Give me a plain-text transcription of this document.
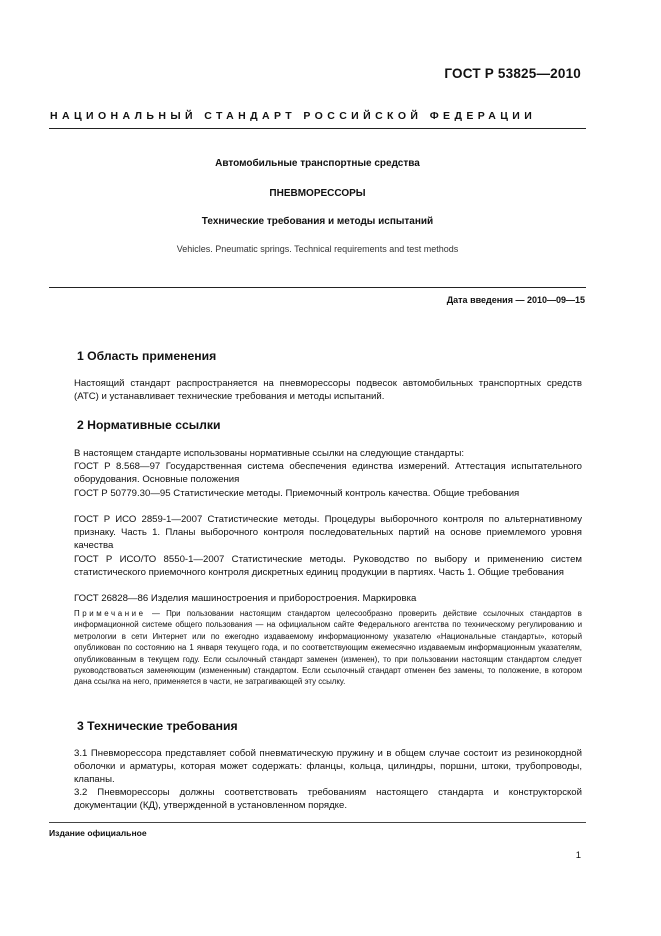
ГОСТ Р 53825—2010
НАЦИОНАЛЬНЫЙ СТАНДАРТ РОССИЙСКОЙ ФЕДЕРАЦИИ
Автомобильные транспортные средства
ПНЕВМОРЕССОРЫ
Технические требования и методы испытаний
Vehicles. Pneumatic springs. Technical requirements and test methods
Дата введения — 2010—09—15
1 Область применения

Настоящий стандарт распространяется на пневморессоры подвесок автомобильных транспортных средств (АТС) и устанавливает технические требования и методы испытаний.

2 Нормативные ссылки

В настоящем стандарте использованы нормативные ссылки на следующие стандарты:

ГОСТ Р 8.568—97 Государственная система обеспечения единства измерений. Аттестация испытательного оборудования. Основные положения

ГОСТ Р 50779.30—95 Статистические методы. Приемочный контроль качества. Общие требования

ГОСТ Р ИСО 2859-1—2007 Статистические методы. Процедуры выборочного контроля по альтернативному признаку. Часть 1. Планы выборочного контроля последовательных партий на основе приемлемого уровня качества

ГОСТ Р ИСО/ТО 8550-1—2007 Статистические методы. Руководство по выбору и применению систем статистического приемочного контроля дискретных единиц продукции в партиях. Часть 1. Общие требования

ГОСТ 26828—86 Изделия машиностроения и приборостроения. Маркировка

Примечание — При пользовании настоящим стандартом целесообразно проверить действие ссылочных стандартов в информационной системе общего пользования — на официальном сайте Федерального агентства по техническому регулированию и метрологии в сети Интернет или по ежегодно издаваемому информационному указателю «Национальные стандарты», который опубликован по состоянию на 1 января текущего года, и по соответствующим ежемесячно издаваемым информационным указателям, опубликованным в текущем году. Если ссылочный стандарт заменен (изменен), то при пользовании настоящим стандартом следует руководствоваться заменяющим (измененным) стандартом. Если ссылочный стандарт отменен без замены, то положение, в котором дана ссылка на него, применяется в части, не затрагивающей эту ссылку.

3 Технические требования

3.1 Пневморессора представляет собой пневматическую пружину и в общем случае состоит из резинокордной оболочки и арматуры, которая может содержать: фланцы, кольца, цилиндры, поршни, штоки, трубопроводы, клапаны.

3.2 Пневморессоры должны соответствовать требованиям настоящего стандарта и конструкторской документации (КД), утвержденной в установленном порядке.

Издание официальное
1
